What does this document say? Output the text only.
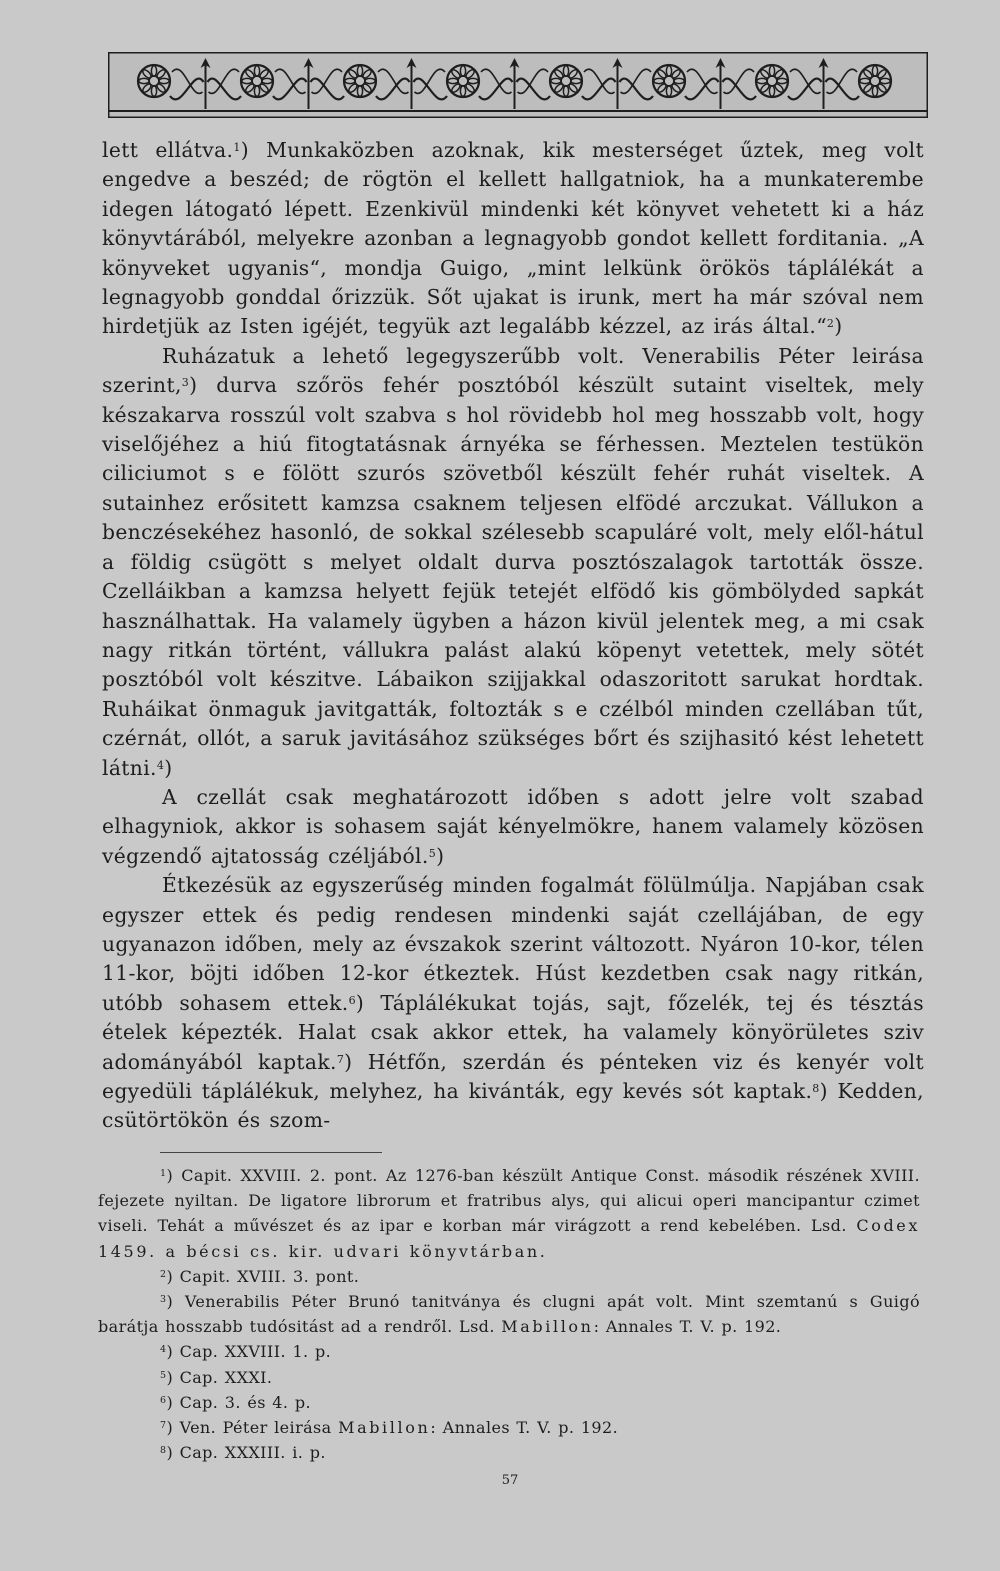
lett ellátva.$^1$) Munkaközben azoknak, kik mesterséget űztek, meg volt engedve a beszéd; de rögtön el kellett hallgatniok, ha a munkaterembe idegen látogató lépett. Ezenkivül mindenki két könyvet vehetett ki a ház könyvtárából, melyekre azonban a legnagyobb gondot kellett forditania. „A könyveket ugyanis“, mondja Guigo, „mint lelkünk örökös táplálékát a legnagyobb gonddal őrizzük. Sőt ujakat is irunk, mert ha már szóval nem hirdetjük az Isten igéjét, tegyük azt legalább kézzel, az irás által.“$^2$)

Ruházatuk a lehető legegyszerűbb volt. Venerabilis Péter leirása szerint,$^3$) durva szőrös fehér posztóból készült sutaint viseltek, mely készakarva rosszúl volt szabva s hol rövidebb hol meg hosszabb volt, hogy viselőjéhez a hiú fitogtatásnak árnyéka se férhessen. Meztelen testükön ciliciumot s e fölött szurós szövetből készült fehér ruhát viseltek. A sutainhez erősitett kamzsa csaknem teljesen elfödé arczukat. Vállukon a benczésekéhez hasonló, de sokkal szélesebb scapuláré volt, mely elől-hátul a földig csügött s melyet oldalt durva posztószalagok tartották össze. Czelláikban a kamzsa helyett fejük tetejét elfödő kis gömbölyded sapkát használhattak. Ha valamely ügyben a házon kivül jelentek meg, a mi csak nagy ritkán történt, vállukra palást alakú köpenyt vetettek, mely sötét posztóból volt készitve. Lábaikon szijjakkal odaszoritott sarukat hordtak. Ruháikat önmaguk javitgatták, foltozták s e czélból minden czellában tűt, czérnát, ollót, a saruk javitásához szükséges bőrt és szijhasitó kést lehetett látni.$^4$)

A czellát csak meghatározott időben s adott jelre volt szabad elhagyniok, akkor is sohasem saját kényelmökre, hanem valamely közösen végzendő ajtatosság czéljából.$^5$)

Étkezésük az egyszerűség minden fogalmát fölülmúlja. Napjában csak egyszer ettek és pedig rendesen mindenki saját czellájában, de egy ugyanazon időben, mely az évszakok szerint változott. Nyáron 10-kor, télen 11-kor, böjti időben 12-kor étkeztek. Húst kezdetben csak nagy ritkán, utóbb sohasem ettek.$^6$) Táplálékukat tojás, sajt, főzelék, tej és tésztás ételek képezték. Halat csak akkor ettek, ha valamely könyörületes sziv adományából kaptak.$^7$) Hétfőn, szerdán és pénteken viz és kenyér volt egyedüli táplálékuk, melyhez, ha kivánták, egy kevés sót kaptak.$^8$) Kedden, csütörtökön és szom-

$^1$) Capit. XXVIII. 2. pont. Az 1276-ban készült Antique Const. második részének XVIII. fejezete nyiltan. De ligatore librorum et fratribus alys, qui alicui operi mancipantur czimet viseli. Tehát a művészet és az ipar e korban már virágzott a rend kebelében. Lsd. Codex 1459. a bécsi cs. kir. udvari könyvtárban.

$^2$) Capit. XVIII. 3. pont.

$^3$) Venerabilis Péter Brunó tanitványa és clugni apát volt. Mint szemtanú s Guigó barátja hosszabb tudósitást ad a rendről. Lsd. Mabillon: Annales T. V. p. 192.

$^4$) Cap. XXVIII. 1. p.

$^5$) Cap. XXXI.

$^6$) Cap. 3. és 4. p.

$^7$) Ven. Péter leirása Mabillon: Annales T. V. p. 192.

$^8$) Cap. XXXIII. i. p.

57
